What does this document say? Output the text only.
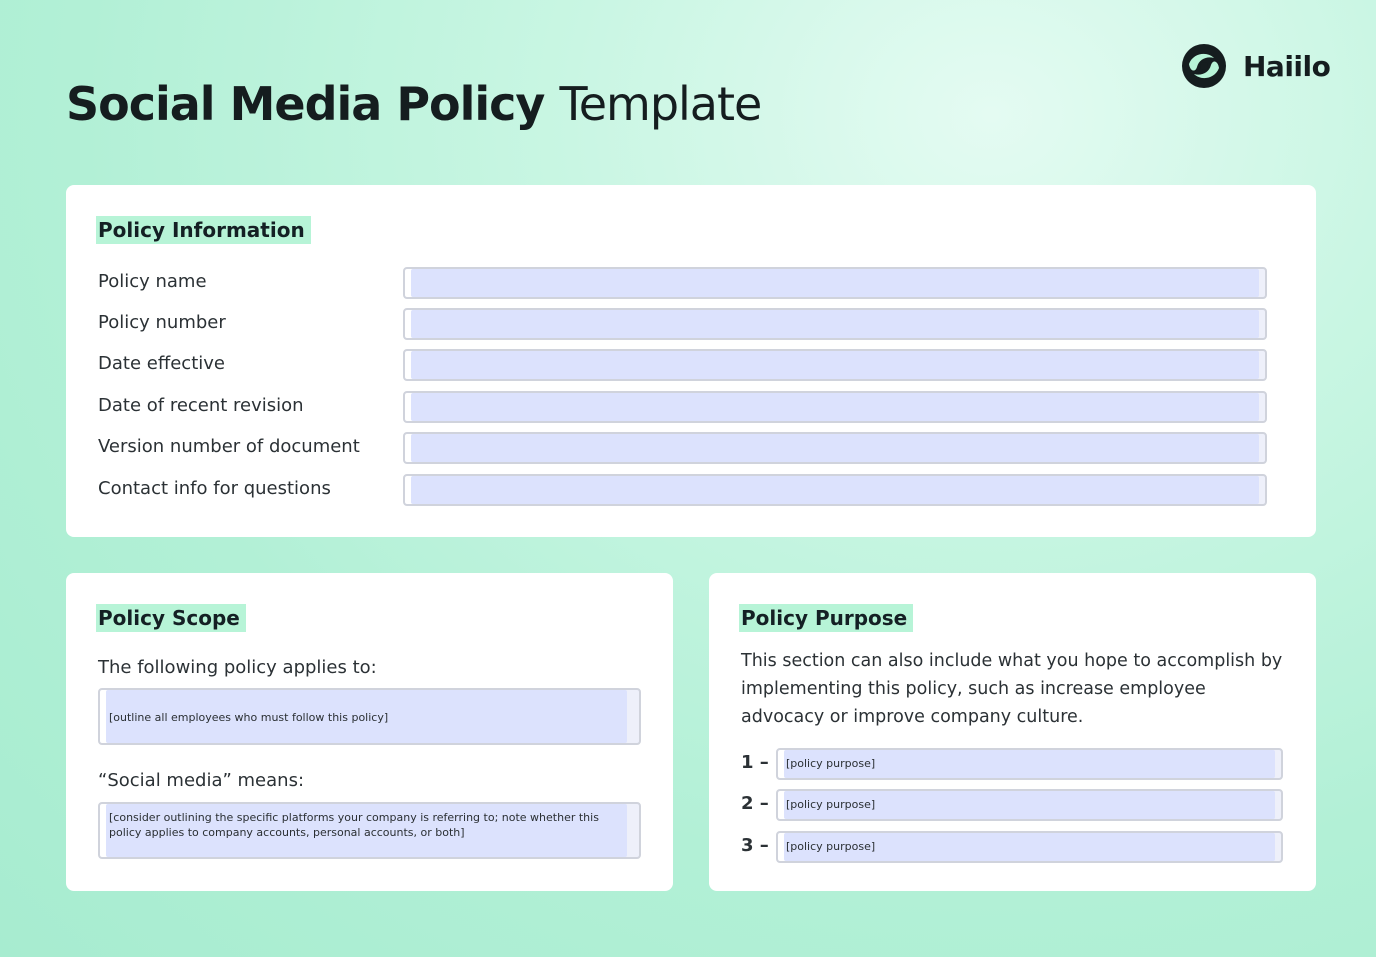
Social Media Policy Template
Haiilo
Policy Information
Policy name
Policy number
Date effective
Date of recent revision
Version number of document
Contact info for questions
Policy Scope

The following policy applies to:

[outline all employees who must follow this policy]

“Social media” means:

[consider outlining the specific platforms your company is referring to; note whether this policy applies to company accounts, personal accounts, or both]
Policy Purpose

This section can also include what you hope to accomplish by implementing this policy, such as increase employee advocacy or improve company culture.

1 –	[policy purpose]
2 –	[policy purpose]
3 –	[policy purpose]
